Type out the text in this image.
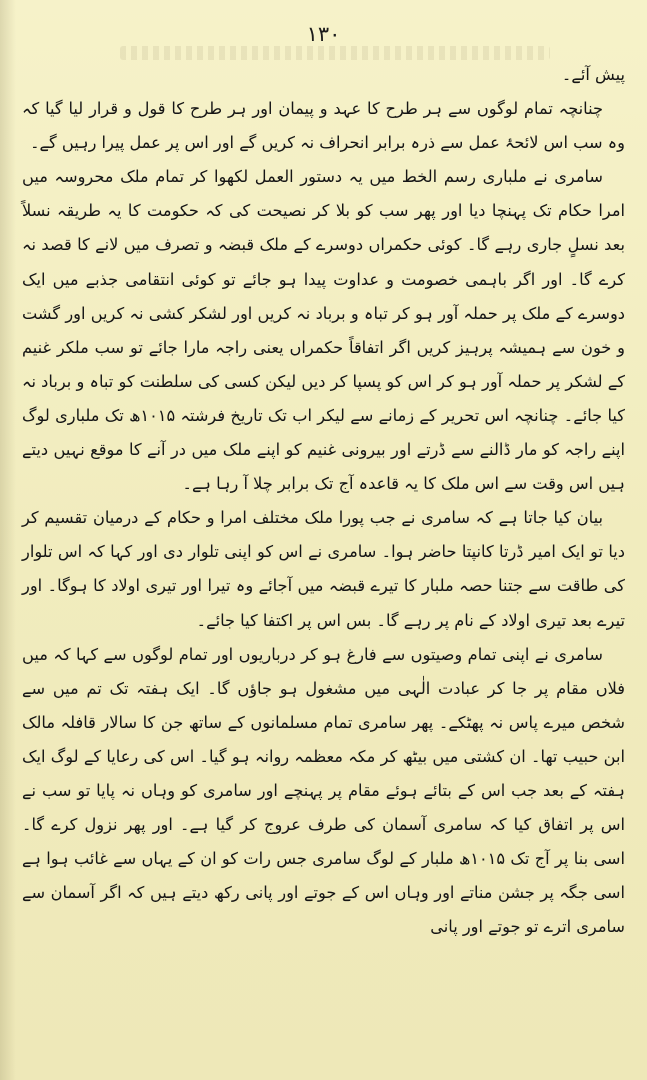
١٣٠

پیش آئے۔

چنانچہ تمام لوگوں سے ہر طرح کا عہد و پیمان اور ہر طرح کا قول و قرار لیا گیا کہ وہ سب اس لائحۂ عمل سے ذرہ برابر انحراف نہ کریں گے اور اس پر عمل پیرا رہیں گے۔

سامری نے ملباری رسم الخط میں یہ دستور العمل لکھوا کر تمام ملک محروسہ میں امرا حکام تک پہنچا دیا اور پھر سب کو بلا کر نصیحت کی کہ حکومت کا یہ طریقہ نسلاً بعد نسلٍ جاری رہے گا۔ کوئی حکمراں دوسرے کے ملک قبضہ و تصرف میں لانے کا قصد نہ کرے گا۔ اور اگر باہمی خصومت و عداوت پیدا ہو جائے تو کوئی انتقامی جذبے میں ایک دوسرے کے ملک پر حملہ آور ہو کر تباہ و برباد نہ کریں اور لشکر کشی نہ کریں اور گشت و خون سے ہمیشہ پرہیز کریں اگر اتفاقاً حکمراں یعنی راجہ مارا جائے تو سب ملکر غنیم کے لشکر پر حملہ آور ہو کر اس کو پسپا کر دیں لیکن کسی کی سلطنت کو تباہ و برباد نہ کیا جائے۔ چنانچہ اس تحریر کے زمانے سے لیکر اب تک تاریخ فرشتہ ۱۰۱۵ھ تک ملباری لوگ اپنے راجہ کو مار ڈالنے سے ڈرتے اور بیرونی غنیم کو اپنے ملک میں در آنے کا موقع نہیں دیتے ہیں اس وقت سے اس ملک کا یہ قاعدہ آج تک برابر چلا آ رہا ہے۔

بیان کیا جاتا ہے کہ سامری نے جب پورا ملک مختلف امرا و حکام کے درمیان تقسیم کر دیا تو ایک امیر ڈرتا کانپتا حاضر ہوا۔ سامری نے اس کو اپنی تلوار دی اور کہا کہ اس تلوار کی طاقت سے جتنا حصہ ملبار کا تیرے قبضہ میں آجائے وہ تیرا اور تیری اولاد کا ہوگا۔ اور تیرے بعد تیری اولاد کے نام پر رہے گا۔ بس اس پر اکتفا کیا جائے۔

سامری نے اپنی تمام وصیتوں سے فارغ ہو کر درباریوں اور تمام لوگوں سے کہا کہ میں فلاں مقام پر جا کر عبادت الٰہی میں مشغول ہو جاؤں گا۔ ایک ہفتہ تک تم میں سے شخص میرے پاس نہ پھٹکے۔ پھر سامری تمام مسلمانوں کے ساتھ جن کا سالار قافلہ مالک ابن حبیب تھا۔ ان کشتی میں بیٹھ کر مکہ معظمہ روانہ ہو گیا۔ اس کی رعایا کے لوگ ایک ہفتہ کے بعد جب اس کے بتائے ہوئے مقام پر پہنچے اور سامری کو وہاں نہ پایا تو سب نے اس پر اتفاق کیا کہ سامری آسمان کی طرف عروج کر گیا ہے۔ اور پھر نزول کرے گا۔ اسی بنا پر آج تک ۱۰۱۵ھ ملبار کے لوگ سامری جس رات کو ان کے یہاں سے غائب ہوا ہے اسی جگہ پر جشن مناتے اور وہاں اس کے جوتے اور پانی رکھ دیتے ہیں کہ اگر آسمان سے سامری اترے تو جوتے اور پانی
